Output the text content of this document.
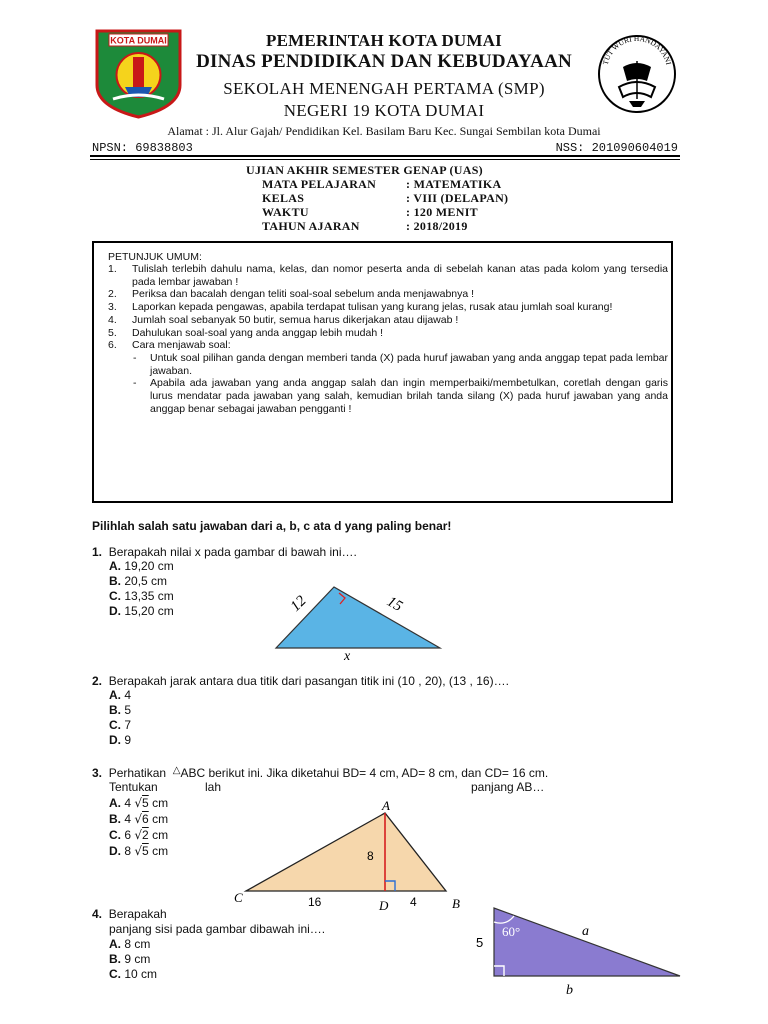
KOTA DUMAI
TUT WURI HANDAYANI
PEMERINTAH KOTA DUMAI
DINAS PENDIDIKAN DAN KEBUDAYAAN
SEKOLAH MENENGAH PERTAMA (SMP)
NEGERI 19 KOTA DUMAI
Alamat : Jl. Alur Gajah/ Pendidikan Kel. Basilam Baru Kec. Sungai Sembilan kota Dumai
NPSN: 69838803	NSS: 201090604019
UJIAN AKHIR SEMESTER GENAP (UAS)
MATA PELAJARAN : MATEMATIKA
KELAS	: VIII (DELAPAN)
WAKTU	: 120 MENIT
TAHUN AJARAN	: 2018/2019
PETUNJUK UMUM:
1. Tulislah terlebih dahulu nama, kelas, dan nomor peserta anda di sebelah kanan atas pada kolom yang tersedia pada lembar jawaban !
2. Periksa dan bacalah dengan teliti soal-soal sebelum anda menjawabnya !
3. Laporkan kepada pengawas, apabila terdapat tulisan yang kurang jelas, rusak atau jumlah soal kurang!
4. Jumlah soal sebanyak 50 butir, semua harus dikerjakan atau dijawab !
5. Dahulukan soal-soal yang anda anggap lebih mudah !
6. Cara menjawab soal:
- Untuk soal pilihan ganda dengan memberi tanda (X) pada huruf jawaban yang anda anggap tepat pada lembar jawaban.
- Apabila ada jawaban yang anda anggap salah dan ingin memperbaiki/membetulkan, coretlah dengan garis lurus mendatar pada jawaban yang salah, kemudian brilah tanda silang (X) pada huruf jawaban yang anda anggap benar sebagai jawaban pengganti !
Pilihlah salah satu jawaban dari a, b, c ata d yang paling benar!
1. Berapakah nilai x pada gambar di bawah ini….
A. 19,20 cm
B. 20,5 cm
C. 13,35 cm
D. 15,20 cm	12	15
x
2. Berapakah jarak antara dua titik dari pasangan titik ini (10 , 20), (13 , 16)….
A. 4
B. 5
C. 7
D. 9
3. Perhatikan △ABC berikut ini. Jika diketahui BD= 4 cm, AD= 8 cm, dan CD= 16 cm.
Tentukan	lah	panjang AB…
A. 4 √5 cm
B. 4 √6 cm
C. 6 √2 cm
D. 8 √5 cm
A
B
C
D
8
16	4
4. Berapakah
panjang sisi pada gambar dibawah ini….
A. 8 cm
B. 9 cm
C. 10 cm
60°
5
a
b
